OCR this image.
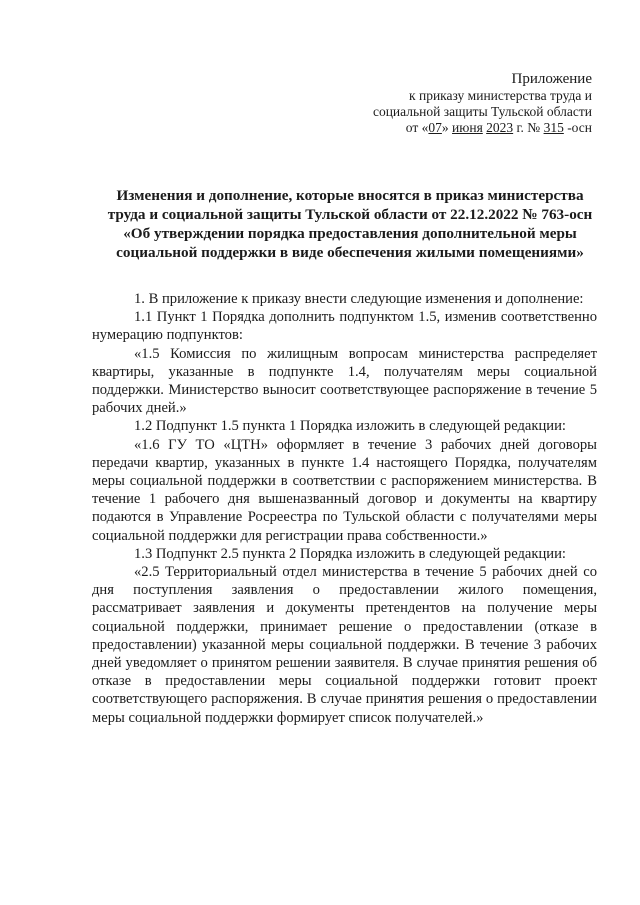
Приложение
к приказу министерства труда и
социальной защиты Тульской области
от «07» июня 2023 г. № 315 -осн
Изменения и дополнение, которые вносятся в приказ министерства
труда и социальной защиты Тульской области от 22.12.2022 № 763-осн
«Об утверждении порядка предоставления дополнительной меры
социальной поддержки в виде обеспечения жилыми помещениями»

1. В приложение к приказу внести следующие изменения и дополнение:

1.1 Пункт 1 Порядка дополнить подпунктом 1.5, изменив соответственно нумерацию подпунктов:

«1.5 Комиссия по жилищным вопросам министерства распределяет квартиры, указанные в подпункте 1.4, получателям меры социальной поддержки. Министерство выносит соответствующее распоряжение в течение 5 рабочих дней.»

1.2 Подпункт 1.5 пункта 1 Порядка изложить в следующей редакции:

«1.6 ГУ ТО «ЦТН» оформляет в течение 3 рабочих дней договоры передачи квартир, указанных в пункте 1.4 настоящего Порядка, получателям меры социальной поддержки в соответствии с распоряжением министерства. В течение 1 рабочего дня вышеназванный договор и документы на квартиру подаются в Управление Росреестра по Тульской области с получателями меры социальной поддержки для регистрации права собственности.»

1.3 Подпункт 2.5 пункта 2 Порядка изложить в следующей редакции:

«2.5 Территориальный отдел министерства в течение 5 рабочих дней со дня поступления заявления о предоставлении жилого помещения, рассматривает заявления и документы претендентов на получение меры социальной поддержки, принимает решение о предоставлении (отказе в предоставлении) указанной меры социальной поддержки. В течение 3 рабочих дней уведомляет о принятом решении заявителя. В случае принятия решения об отказе в предоставлении меры социальной поддержки готовит проект соответствующего распоряжения. В случае принятия решения о предоставлении меры социальной поддержки формирует список получателей.»
